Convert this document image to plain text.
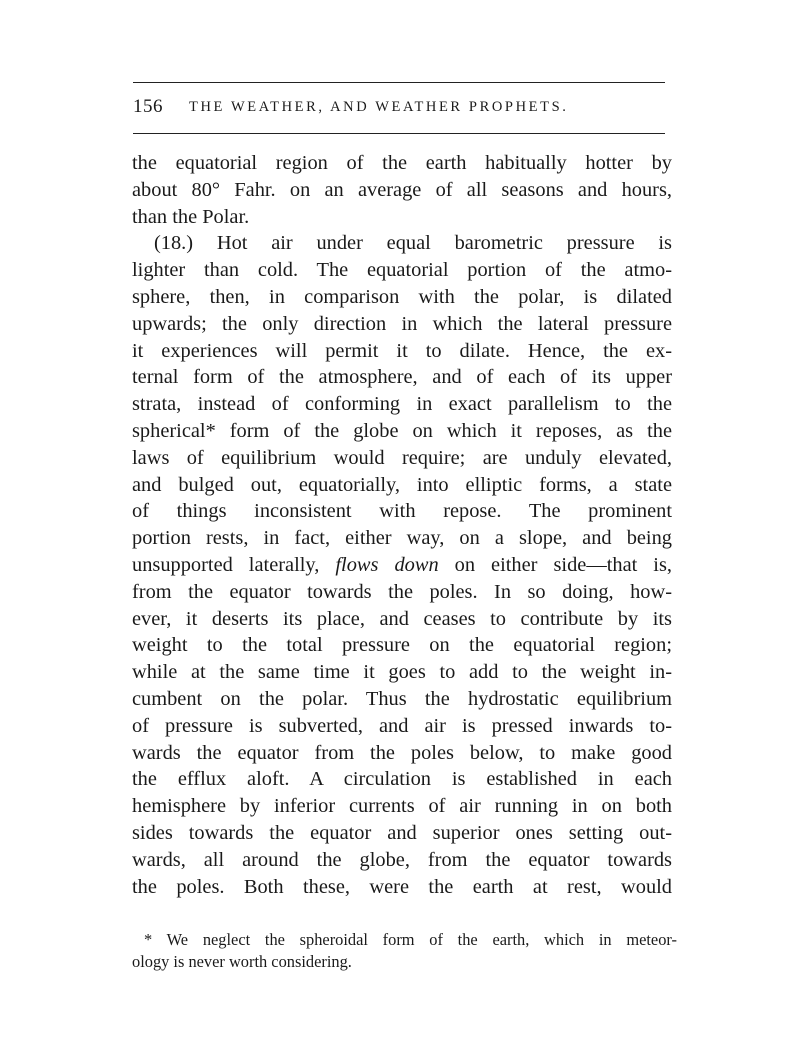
156 THE WEATHER, AND WEATHER PROPHETS.
the equatorial region of the earth habitually hotter by
about 80° Fahr. on an average of all seasons and hours,
than the Polar.
(18.) Hot air under equal barometric pressure is
lighter than cold. The equatorial portion of the atmo-
sphere, then, in comparison with the polar, is dilated
upwards; the only direction in which the lateral pressure
it experiences will permit it to dilate. Hence, the ex-
ternal form of the atmosphere, and of each of its upper
strata, instead of conforming in exact parallelism to the
spherical* form of the globe on which it reposes, as the
laws of equilibrium would require; are unduly elevated,
and bulged out, equatorially, into elliptic forms, a state
of things inconsistent with repose. The prominent
portion rests, in fact, either way, on a slope, and being
unsupported laterally, flows down on either side—that is,
from the equator towards the poles. In so doing, how-
ever, it deserts its place, and ceases to contribute by its
weight to the total pressure on the equatorial region;
while at the same time it goes to add to the weight in-
cumbent on the polar. Thus the hydrostatic equilibrium
of pressure is subverted, and air is pressed inwards to-
wards the equator from the poles below, to make good
the efflux aloft. A circulation is established in each
hemisphere by inferior currents of air running in on both
sides towards the equator and superior ones setting out-
wards, all around the globe, from the equator towards
the poles. Both these, were the earth at rest, would
* We neglect the spheroidal form of the earth, which in meteor-
ology is never worth considering.
